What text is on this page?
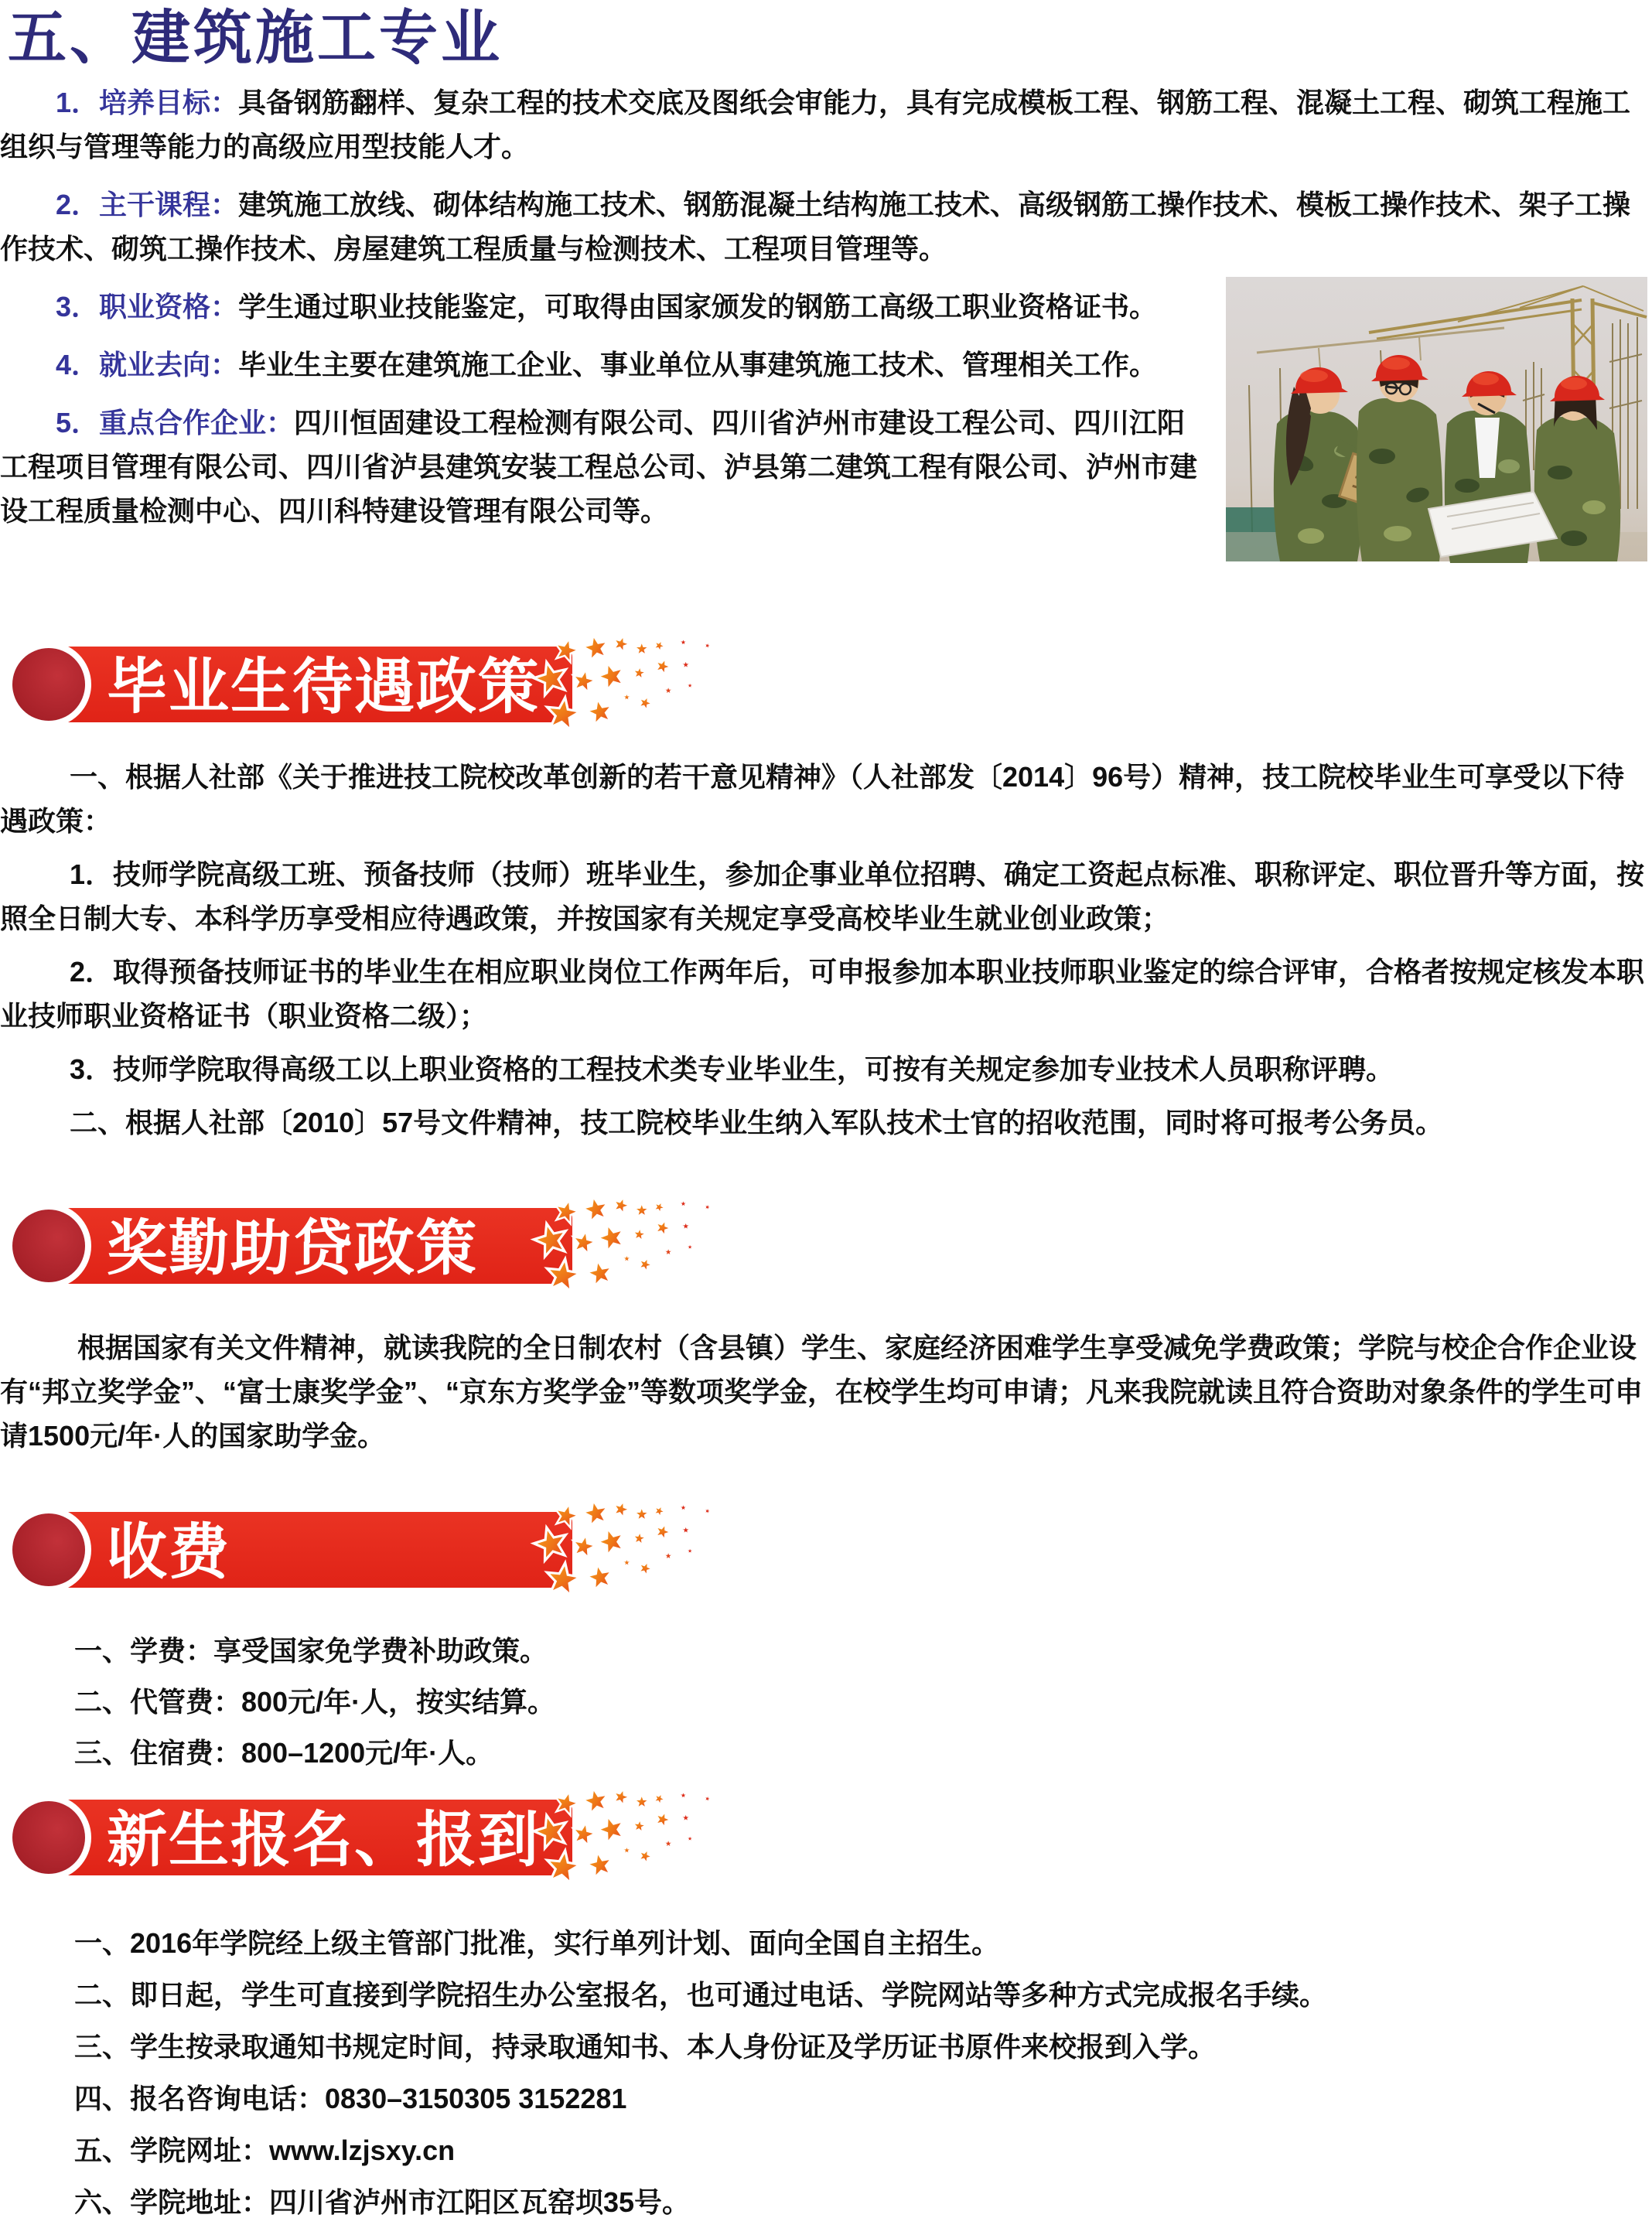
五、建筑施工专业

1．培养目标：具备钢筋翻样、复杂工程的技术交底及图纸会审能力，具有完成模板工程、钢筋工程、混凝土工程、砌筑工程施工组织与管理等能力的高级应用型技能人才。

2．主干课程：建筑施工放线、砌体结构施工技术、钢筋混凝土结构施工技术、高级钢筋工操作技术、模板工操作技术、架子工操作技术、砌筑工操作技术、房屋建筑工程质量与检测技术、工程项目管理等。

3．职业资格：学生通过职业技能鉴定，可取得由国家颁发的钢筋工高级工职业资格证书。

4．就业去向：毕业生主要在建筑施工企业、事业单位从事建筑施工技术、管理相关工作。

5．重点合作企业：四川恒固建设工程检测有限公司、四川省泸州市建设工程公司、四川江阳工程项目管理有限公司、四川省泸县建筑安装工程总公司、泸县第二建筑工程有限公司、泸州市建设工程质量检测中心、四川科特建设管理有限公司等。

毕业生待遇政策

一、根据人社部《关于推进技工院校改革创新的若干意见精神》（人社部发〔2014〕96号）精神，技工院校毕业生可享受以下待遇政策：

1．技师学院高级工班、预备技师（技师）班毕业生，参加企事业单位招聘、确定工资起点标准、职称评定、职位晋升等方面，按照全日制大专、本科学历享受相应待遇政策，并按国家有关规定享受高校毕业生就业创业政策；

2．取得预备技师证书的毕业生在相应职业岗位工作两年后，可申报参加本职业技师职业鉴定的综合评审，合格者按规定核发本职业技师职业资格证书（职业资格二级）；

3．技师学院取得高级工以上职业资格的工程技术类专业毕业生，可按有关规定参加专业技术人员职称评聘。

二、根据人社部〔2010〕57号文件精神，技工院校毕业生纳入军队技术士官的招收范围，同时将可报考公务员。

奖勤助贷政策

根据国家有关文件精神，就读我院的全日制农村（含县镇）学生、家庭经济困难学生享受减免学费政策；学院与校企合作企业设有“邦立奖学金”、“富士康奖学金”、“京东方奖学金”等数项奖学金，在校学生均可申请；凡来我院就读且符合资助对象条件的学生可申请1500元/年·人的国家助学金。

收费

一、学费：享受国家免学费补助政策。

二、代管费：800元/年·人，按实结算。

三、住宿费：800–1200元/年·人。

新生报名、报到

一、2016年学院经上级主管部门批准，实行单列计划、面向全国自主招生。

二、即日起，学生可直接到学院招生办公室报名，也可通过电话、学院网站等多种方式完成报名手续。

三、学生按录取通知书规定时间，持录取通知书、本人身份证及学历证书原件来校报到入学。

四、报名咨询电话：0830–3150305 3152281

五、学院网址：www.lzjsxy.cn

六、学院地址：四川省泸州市江阳区瓦窑坝35号。
